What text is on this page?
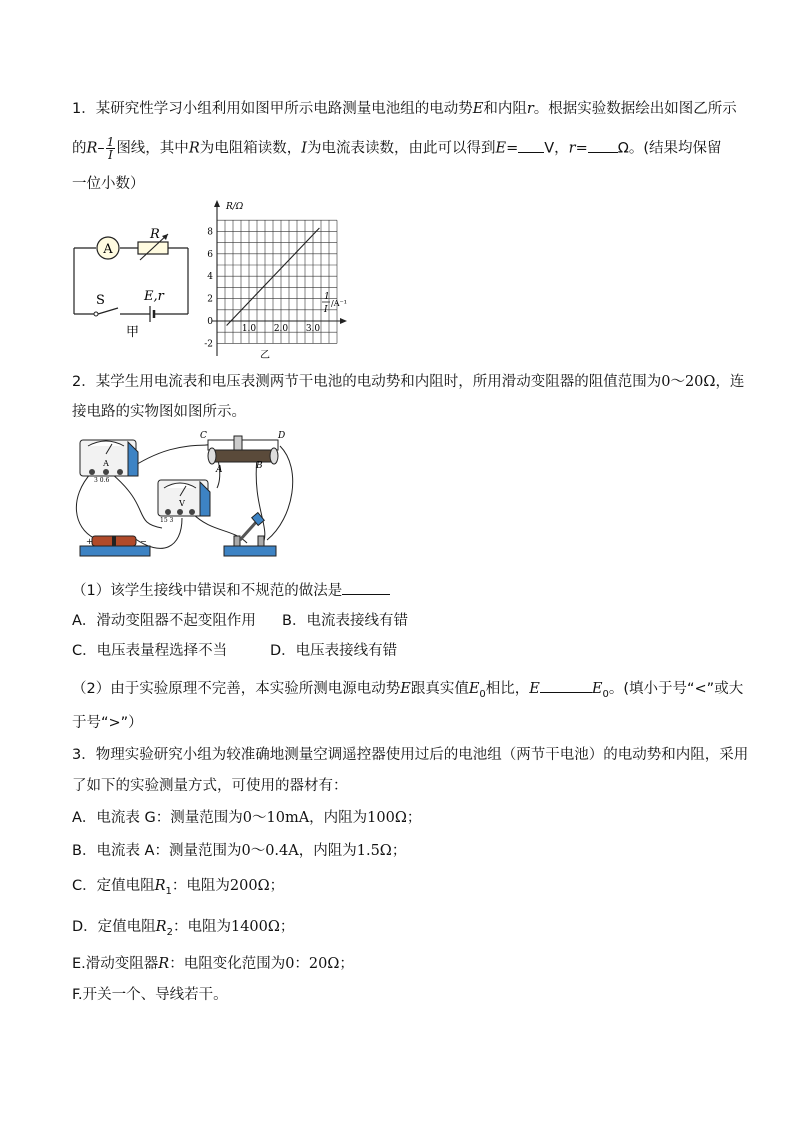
1．某研究性学习小组利用如图甲所示电路测量电池组的电动势E和内阻r。根据实验数据绘出如图乙所示
的$R- \frac{1}{I}$ 图线，其中R为电阻箱读数，I为电流表读数，由此可以得到E= V，r= Ω。(结果均保留
一位小数）
A
R
S	E,r
甲
R/Ω
1
I
/A⁻¹
8
6
4
2
0
-2
1.0 2.0 3.0
乙
2．某学生用电流表和电压表测两节干电池的电动势和内阻时，所用滑动变阻器的阻值范围为0～20Ω，连
接电路的实物图如图所示。
A
3 0.6
V
15 3
C	D
A	B
+	−
（1）该学生接线中错误和不规范的做法是
A．滑动变阻器不起变阻作用 B．电流表接线有错
C．电压表量程选择不当	D．电压表接线有错
（2）由于实验原理不完善，本实验所测电源电动势E跟真实值$E_0$相比，E	$E_0$。(填小于号“<”或大
于号“>”）
3．物理实验研究小组为较准确地测量空调遥控器使用过后的电池组（两节干电池）的电动势和内阻，采用
了如下的实验测量方式，可使用的器材有：
A．电流表 G：测量范围为0～10mA，内阻为100Ω；
B．电流表 A：测量范围为0～0.4A，内阻为1.5Ω；
C．定值电阻$R_1$：电阻为200Ω；
D．定值电阻$R_2$：电阻为1400Ω；
E.滑动变阻器R：电阻变化范围为0：20Ω；
F.开关一个、导线若干。
